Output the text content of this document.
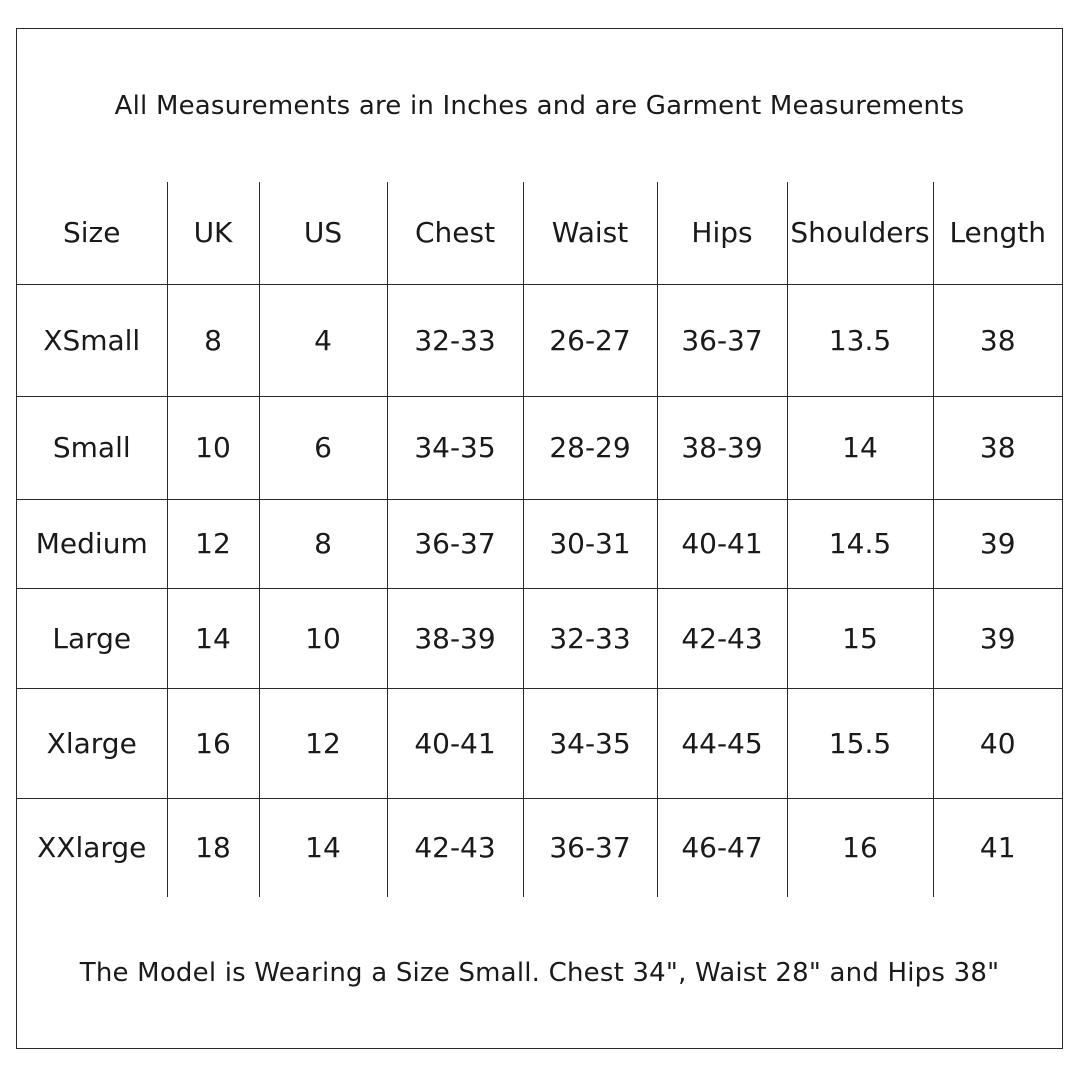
All Measurements are in Inches and are Garment Measurements
Size	UK	US	Chest	Waist	Hips	Shoulders	Length
XSmall	8	4	32-33	26-27	36-37	13.5	38
Small	10	6	34-35	28-29	38-39	14	38
Medium	12	8	36-37	30-31	40-41	14.5	39
Large	14	10	38-39	32-33	42-43	15	39
Xlarge	16	12	40-41	34-35	44-45	15.5	40
XXlarge	18	14	42-43	36-37	46-47	16	41
The Model is Wearing a Size Small. Chest 34", Waist 28" and Hips 38"
